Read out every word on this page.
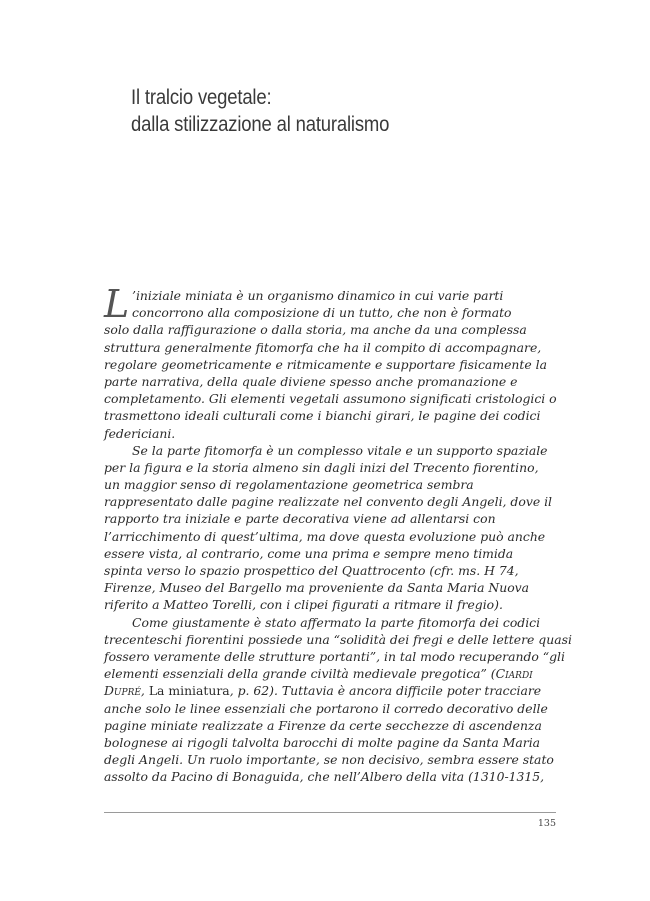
Il tralcio vegetale:
dalla stilizzazione al naturalismo
L ’iniziale miniata è un organismo dinamico in cui varie parti
concorrono alla composizione di un tutto, che non è formato
solo dalla raffigurazione o dalla storia, ma anche da una complessa
struttura generalmente fitomorfa che ha il compito di accompagnare,
regolare geometricamente e ritmicamente e supportare fisicamente la
parte narrativa, della quale diviene spesso anche promanazione e
completamento. Gli elementi vegetali assumono significati cristologici o
trasmettono ideali culturali come i bianchi girari, le pagine dei codici
federiciani.
Se la parte fitomorfa è un complesso vitale e un supporto spaziale
per la figura e la storia almeno sin dagli inizi del Trecento fiorentino,
un maggior senso di regolamentazione geometrica sembra
rappresentato dalle pagine realizzate nel convento degli Angeli, dove il
rapporto tra iniziale e parte decorativa viene ad allentarsi con
l’arricchimento di quest’ultima, ma dove questa evoluzione può anche
essere vista, al contrario, come una prima e sempre meno timida
spinta verso lo spazio prospettico del Quattrocento (cfr. ms. H 74,
Firenze, Museo del Bargello ma proveniente da Santa Maria Nuova
riferito a Matteo Torelli, con i clipei figurati a ritmare il fregio).
Come giustamente è stato affermato la parte fitomorfa dei codici
trecenteschi fiorentini possiede una “solidità dei fregi e delle lettere quasi
fossero veramente delle strutture portanti”, in tal modo recuperando “gli
elementi essenziali della grande civiltà medievale pregotica” (Ciardi
Dupré, La miniatura, p. 62). Tuttavia è ancora difficile poter tracciare
anche solo le linee essenziali che portarono il corredo decorativo delle
pagine miniate realizzate a Firenze da certe secchezze di ascendenza
bolognese ai rigogli talvolta barocchi di molte pagine da Santa Maria
degli Angeli. Un ruolo importante, se non decisivo, sembra essere stato
assolto da Pacino di Bonaguida, che nell’Albero della vita (1310-1315,
135
